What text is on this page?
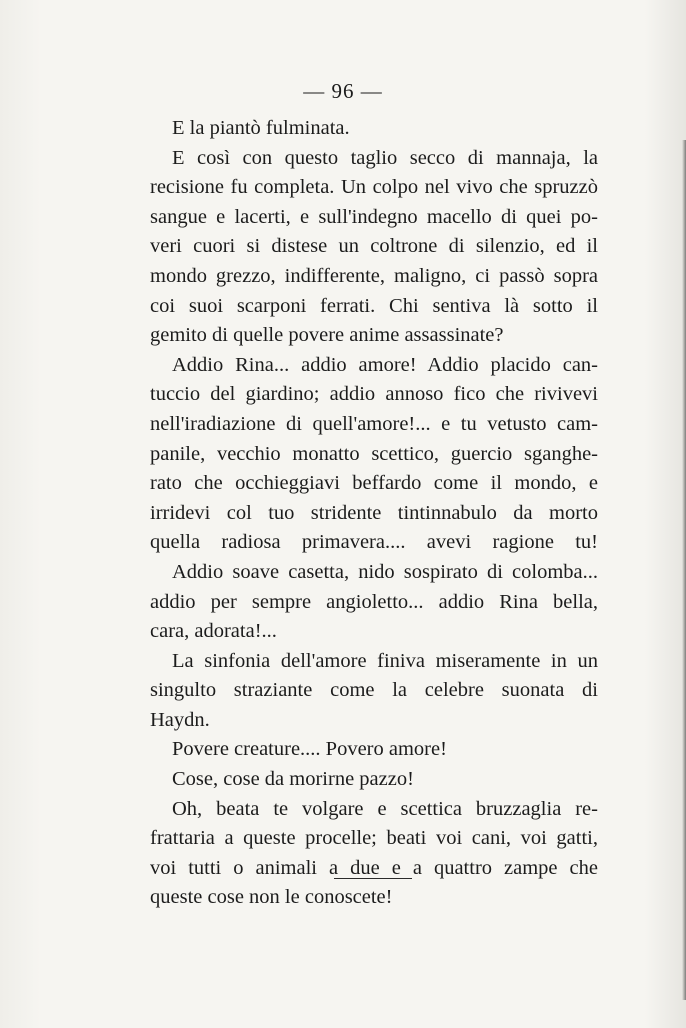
— 96 —
E la piantò fulminata.
E così con questo taglio secco di mannaja, la
recisione fu completa. Un colpo nel vivo che spruzzò
sangue e lacerti, e sull'indegno macello di quei po-
veri cuori si distese un coltrone di silenzio, ed il
mondo grezzo, indifferente, maligno, ci passò sopra
coi suoi scarponi ferrati. Chi sentiva là sotto il
gemito di quelle povere anime assassinate?
Addio Rina... addio amore! Addio placido can-
tuccio del giardino; addio annoso fico che rivivevi
nell'iradiazione di quell'amore!... e tu vetusto cam-
panile, vecchio monatto scettico, guercio sganghe-
rato che occhieggiavi beffardo come il mondo, e
irridevi col tuo stridente tintinnabulo da morto
quella radiosa primavera.... avevi ragione tu!
Addio soave casetta, nido sospirato di colomba...
addio per sempre angioletto... addio Rina bella,
cara, adorata!...
La sinfonia dell'amore finiva miseramente in un
singulto straziante come la celebre suonata di
Haydn.
Povere creature.... Povero amore!
Cose, cose da morirne pazzo!
Oh, beata te volgare e scettica bruzzaglia re-
frattaria a queste procelle; beati voi cani, voi gatti,
voi tutti o animali a due e a quattro zampe che
queste cose non le conoscete!
